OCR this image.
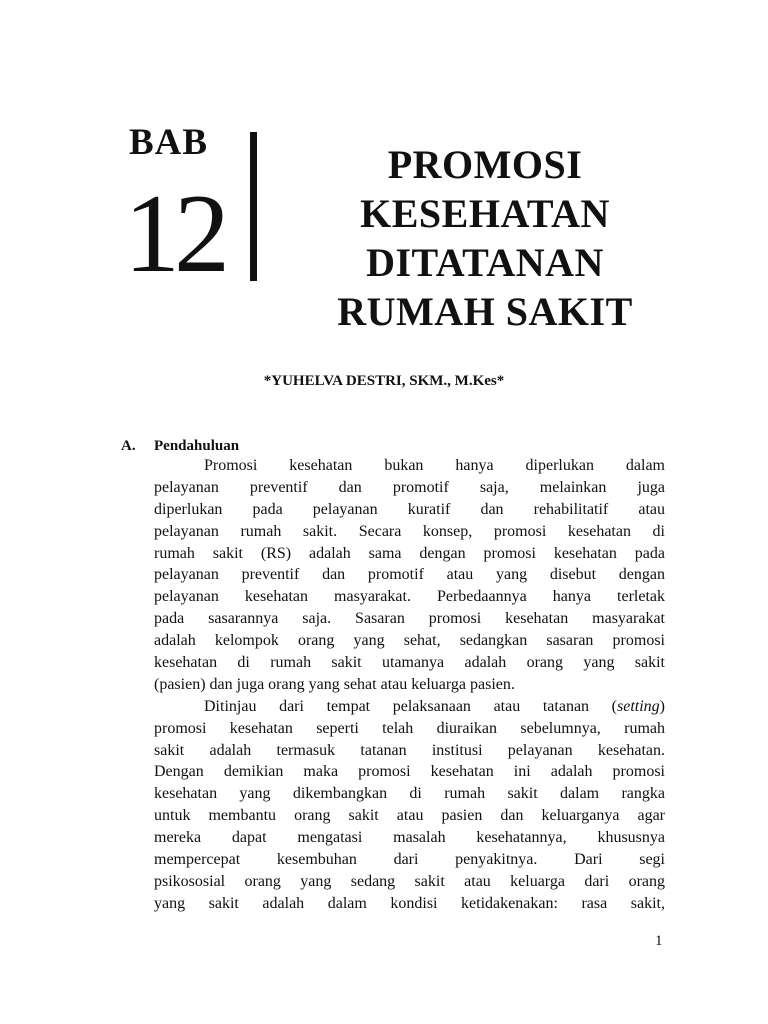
BAB
12
PROMOSI
KESEHATAN
DITATANAN
RUMAH SAKIT
*YUHELVA DESTRI, SKM., M.Kes*
A. Pendahuluan
Promosi kesehatan bukan hanya diperlukan dalam
pelayanan preventif dan promotif saja, melainkan juga
diperlukan pada pelayanan kuratif dan rehabilitatif atau
pelayanan rumah sakit. Secara konsep, promosi kesehatan di
rumah sakit (RS) adalah sama dengan promosi kesehatan pada
pelayanan preventif dan promotif atau yang disebut dengan
pelayanan kesehatan masyarakat. Perbedaannya hanya terletak
pada sasarannya saja. Sasaran promosi kesehatan masyarakat
adalah kelompok orang yang sehat, sedangkan sasaran promosi
kesehatan di rumah sakit utamanya adalah orang yang sakit
(pasien) dan juga orang yang sehat atau keluarga pasien.
Ditinjau dari tempat pelaksanaan atau tatanan (setting)
promosi kesehatan seperti telah diuraikan sebelumnya, rumah
sakit adalah termasuk tatanan institusi pelayanan kesehatan.
Dengan demikian maka promosi kesehatan ini adalah promosi
kesehatan yang dikembangkan di rumah sakit dalam rangka
untuk membantu orang sakit atau pasien dan keluarganya agar
mereka dapat mengatasi masalah kesehatannya, khususnya
mempercepat kesembuhan dari penyakitnya. Dari segi
psikososial orang yang sedang sakit atau keluarga dari orang
yang sakit adalah dalam kondisi ketidakenakan: rasa sakit,
1
